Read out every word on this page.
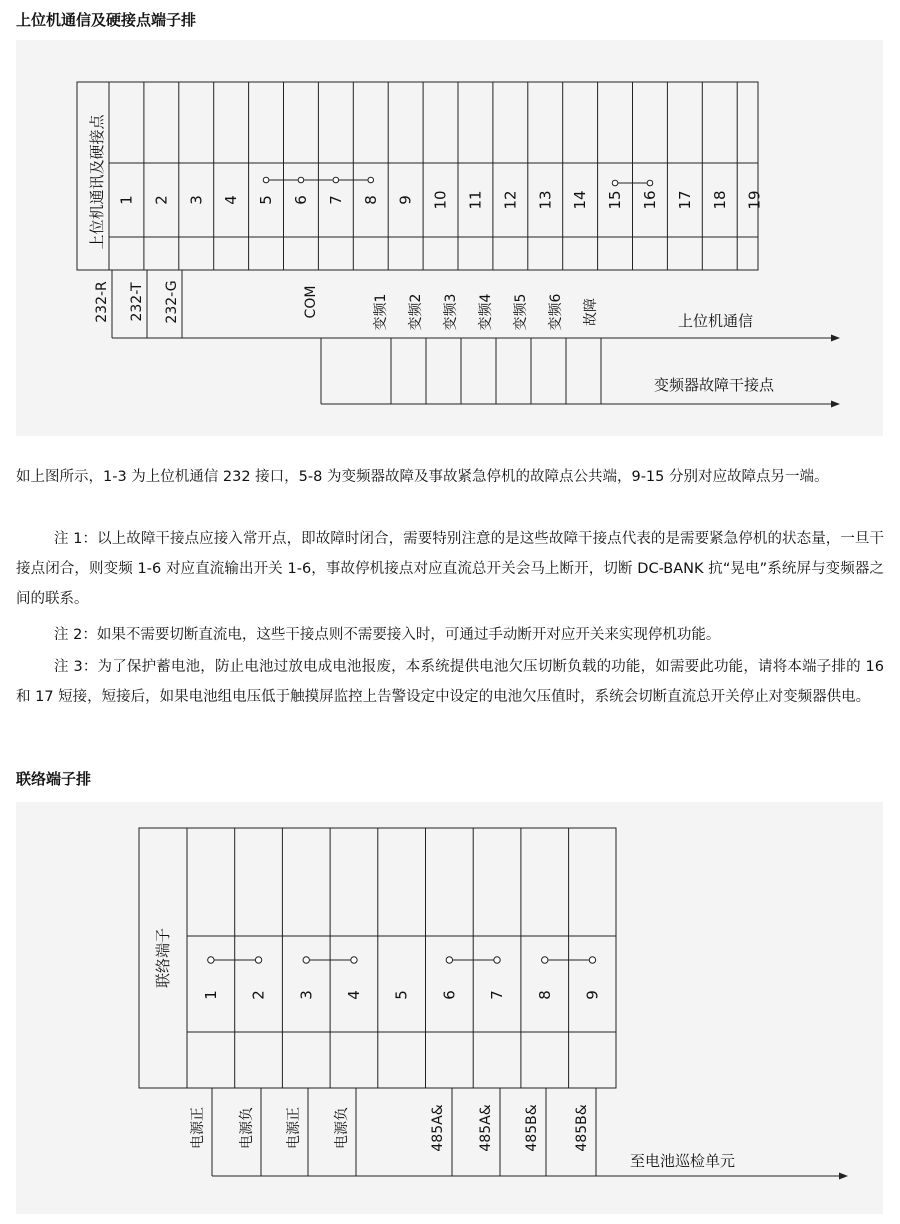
上位机通信及硬接点端子排
上位机通讯及硬接点 1 2 3 4 5 6 7 8 9 10 11 12 13 14 15 16 17 18 19
232-R 232-T 232-G	COM	变频1 变频2 变频3 变频4 变频5 变频6 故障	上位机通信
变频器故障干接点

如上图所示，1-3 为上位机通信 232 接口，5-8 为变频器故障及事故紧急停机的故障点公共端，9-15 分别对应故障点另一端。

注 1：以上故障干接点应接入常开点，即故障时闭合，需要特别注意的是这些故障干接点代表的是需要紧急停机的状态量，一旦干接点闭合，则变频 1-6 对应直流输出开关 1-6，事故停机接点对应直流总开关会马上断开，切断 DC-BANK 抗“晃电”系统屏与变频器之间的联系。

注 2：如果不需要切断直流电，这些干接点则不需要接入时，可通过手动断开对应开关来实现停机功能。

注 3：为了保护蓄电池，防止电池过放电成电池报废，本系统提供电池欠压切断负载的功能，如需要此功能，请将本端子排的 16 和 17 短接，短接后，如果电池组电压低于触摸屏监控上告警设定中设定的电池欠压值时，系统会切断直流总开关停止对变频器供电。

联络端子排
联络端子
1 2 3 4 5 6 7 8 9
电源正 电源负 电源正 电源负	485A& 485A& 485B& 485B&
至电池巡检单元
